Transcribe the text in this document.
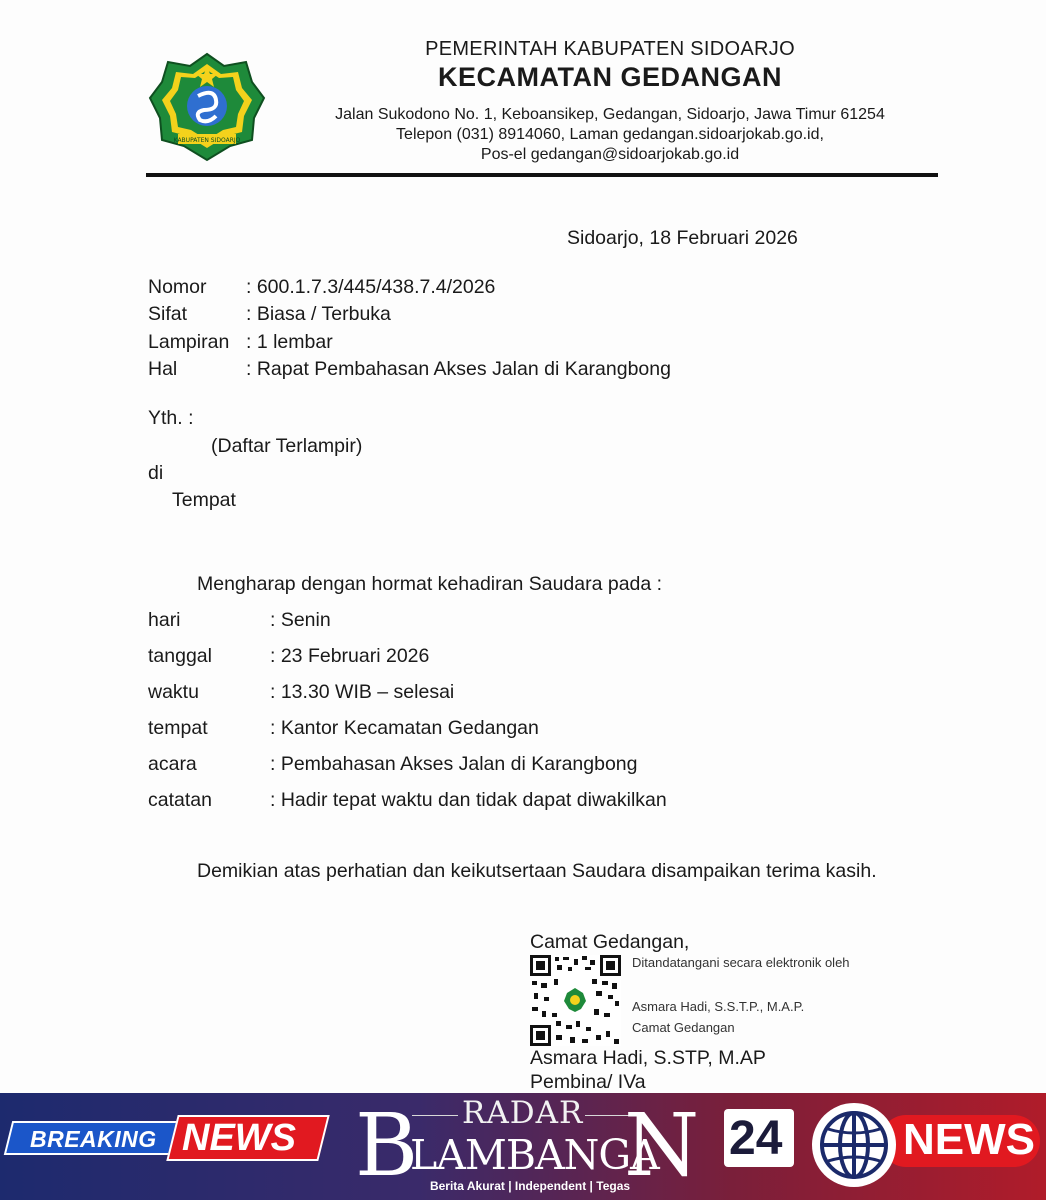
KABUPATEN SIDOARJO
PEMERINTAH KABUPATEN SIDOARJO
KECAMATAN GEDANGAN
Jalan Sukodono No. 1, Keboansikep, Gedangan, Sidoarjo, Jawa Timur 61254
Telepon (031) 8914060, Laman gedangan.sidoarjokab.go.id,
Pos-el gedangan@sidoarjokab.go.id
Sidoarjo, 18 Februari 2026
Nomor : 600.1.7.3/445/438.7.4/2026
Sifat	: Biasa / Terbuka
Lampiran : 1 lembar
Hal	: Rapat Pembahasan Akses Jalan di Karangbong
Yth. :
(Daftar Terlampir)
di
Tempat
Mengharap dengan hormat kehadiran Saudara pada :
hari	: Senin
tanggal	: 23 Februari 2026
waktu	: 13.30 WIB – selesai
tempat	: Kantor Kecamatan Gedangan
acara	: Pembahasan Akses Jalan di Karangbong
catatan	: Hadir tepat waktu dan tidak dapat diwakilkan
Demikian atas perhatian dan keikutsertaan Saudara disampaikan terima kasih.
Camat Gedangan,
Ditandatangani secara elektronik oleh
Asmara Hadi, S.S.T.P., M.A.P.
Camat Gedangan
Asmara Hadi, S.STP, M.AP
Pembina/ IVa
BREAKING NEWS
RADAR
B
LAMBANGA
N
Berita Akurat | Independent | Tegas
24	NEWS
